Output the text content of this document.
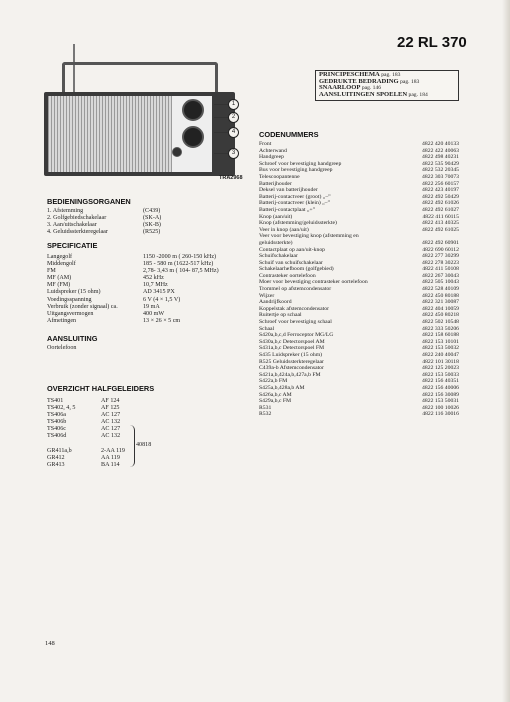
22 RL 370
PRINCIPESCHEMA pag. 183
GEDRUKTE BEDRADING pag. 183
SNAARLOOP pag. 146
AANSLUITINGEN SPOELEN pag. 184
1
2
4
3
TRA2968
BEDIENINGSORGANEN
1. Afstemming	(C439)
2. Golfgebiedschakelaar	(SK-A)
3. Aan/uitschakelaar	(SK-B)
4. Geluidssterkteregelaar	(R525)
SPECIFICATIE
Langegolf	1150 -2000 m ( 260-150 kHz)
Middengolf	185 - 580 m (1622-517 kHz)
FM	2,78- 3,43 m ( 104- 87,5 MHz)
MF (AM)	452 kHz
MF (FM)	10,7 MHz
Luidspreker (15 ohm)	AD 3415 PX
Voedingsspanning	6 V (4 × 1,5 V)
Verbruik (zonder signaal) ca.	19 mA
Uitgangsvermogen	400 mW
Afmetingen	13 × 26 × 5 cm
AANSLUITING
Oortelefoon
OVERZICHT HALFGELEIDERS
TS401	AF 124
TS402, 4, 5	AF 125
TS406a	AC 127
TS406b	AC 132
TS406c	AC 127
TS406d	AC 132
GR411a,b	2-AA 119
GR412	AA 119
GR413	BA 114
40818
CODENUMMERS
Front	4822 420 40133
Achterwand	4822 422 40063
Handgreep	4822 498 40231
Schroef voor bevestiging handgreep	4822 535 90429
Bus voor bevestiging handgreep	4822 532 20345
Telescoopantenne	4822 303 70073
Batterijhouder	4822 256 60157
Deksel van batterijhouder	4822 423 40197
Batterij-contactveer (groot) „–”	4822 492 50429
Batterij-contactveer (klein) „–”	4822 492 61026
Batterij-contactplaat „+”	4822 492 61027
Knop (aan/uit)	4822 411 60115
Knop (afstemming/geluidssterkte)	4822 413 40325
Veer in knop (aan/uit)	4822 492 61025
Veer voor bevestiging knop (afstemming en
geluidssterkte)	4822 492 60901
Contactplaat op aan/uit-knop	4822 690 60112
Schuifschakelaar	4822 277 30299
Schuif van schuifschakelaar	4822 278 30223
Schakelaarhefboom (golfgebied)	4822 411 50108
Contrasteker oortelefoon	4822 267 30043
Moer voor bevestiging contrasteker oortelefoon	4822 505 10043
Trommel op afstemcondensator	4822 528 40109
Wijzer	4822 450 80188
Aandrijfkoord	4822 321 30087
Koppelstak afstemcondensator	4822 404 10059
Ruitertje op schaal	4822 450 80218
Schroef voor bevestiging schaal	4822 502 10548
Schaal	4822 333 50206
S420a,b,c,d Ferroceptor MG/LG	4822 158 60188
S430a,b,c Detectorspoel AM	4822 153 10101
S431a,b,c Detectorspoel FM	4822 153 50032
S435 Luidspreker (15 ohm)	4822 240 40047
R525 Geluidssterkteregelaar	4822 101 30118
C439a-b Afstemcondensator	4822 125 20023
S421a,b,424a,b,427a,b FM	4822 153 50033
S422a,b FM	4822 156 40351
S425a,b,428a,b AM	4822 156 40006
S426a,b,c AM	4822 156 30089
S429a,b,c FM	4822 153 50031
R531	4822 100 10026
R532	4822 116 30016
148
